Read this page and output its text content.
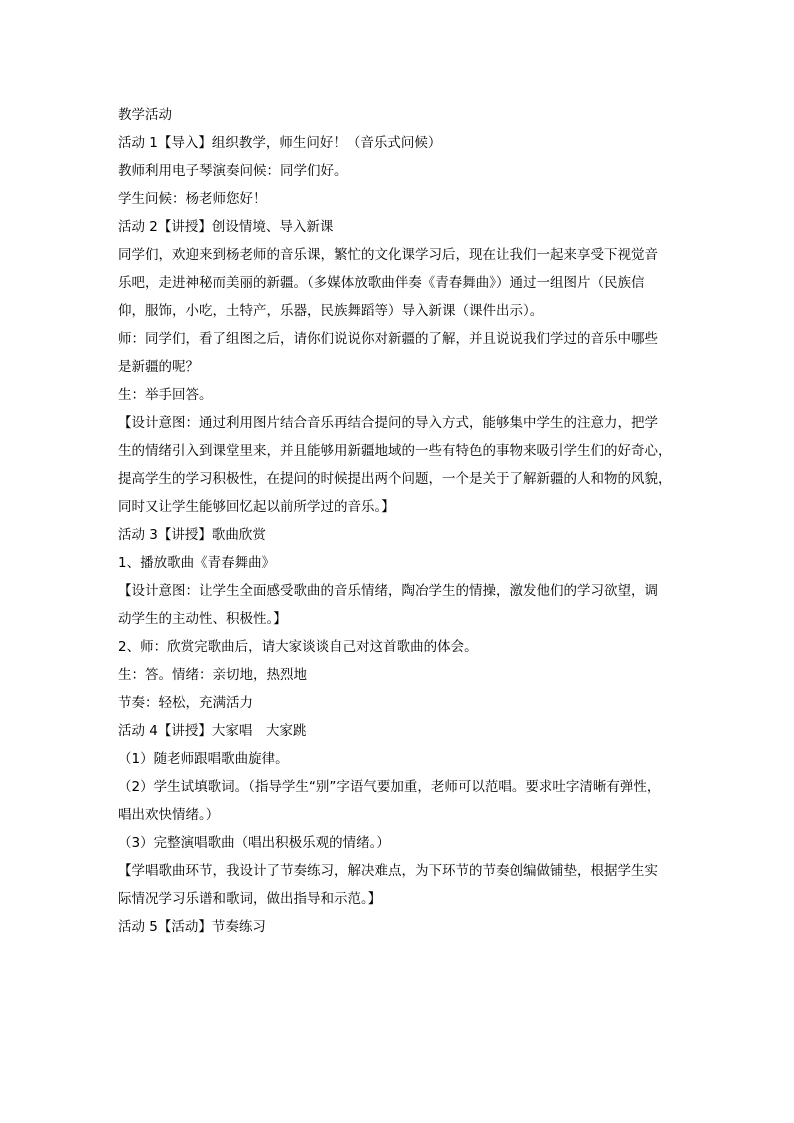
教学活动
活动 1【导入】组织教学，师生问好！（音乐式问候）
教师利用电子琴演奏问候：同学们好。
学生问候：杨老师您好！
活动 2【讲授】创设情境、导入新课
同学们，欢迎来到杨老师的音乐课，繁忙的文化课学习后，现在让我们一起来享受下视觉音
乐吧，走进神秘而美丽的新疆。（多媒体放歌曲伴奏《青春舞曲》）通过一组图片（民族信
仰，服饰，小吃，土特产，乐器，民族舞蹈等）导入新课（课件出示）。
师：同学们，看了组图之后，请你们说说你对新疆的了解，并且说说我们学过的音乐中哪些
是新疆的呢？
生：举手回答。
【设计意图：通过利用图片结合音乐再结合提问的导入方式，能够集中学生的注意力，把学
生的情绪引入到课堂里来，并且能够用新疆地域的一些有特色的事物来吸引学生们的好奇心，
提高学生的学习积极性，在提问的时候提出两个问题，一个是关于了解新疆的人和物的风貌，
同时又让学生能够回忆起以前所学过的音乐。】
活动 3【讲授】歌曲欣赏
1、播放歌曲《青春舞曲》
【设计意图：让学生全面感受歌曲的音乐情绪，陶冶学生的情操，激发他们的学习欲望，调
动学生的主动性、积极性。】
2、师：欣赏完歌曲后，请大家谈谈自己对这首歌曲的体会。
生：答。情绪：亲切地，热烈地
节奏：轻松，充满活力
活动 4【讲授】大家唱　大家跳
（1）随老师跟唱歌曲旋律。
（2）学生试填歌词。（指导学生“别”字语气要加重，老师可以范唱。要求吐字清晰有弹性，
唱出欢快情绪。）
（3）完整演唱歌曲（唱出积极乐观的情绪。）
【学唱歌曲环节，我设计了节奏练习，解决难点，为下环节的节奏创编做铺垫，根据学生实
际情况学习乐谱和歌词，做出指导和示范。】
活动 5【活动】节奏练习
